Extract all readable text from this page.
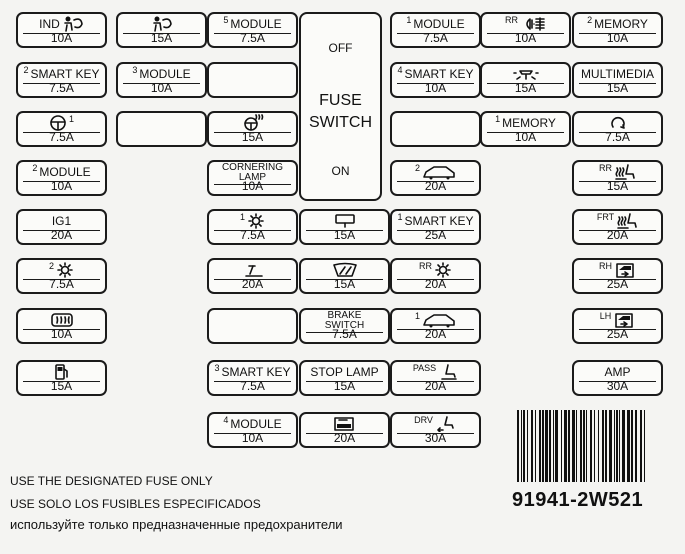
IND
10A
2 SMART KEY
7.5A
1
7.5A
2 MODULE
10A
IG1
20A
2
7.5A
10A
15A
15A
3 MODULE
10A
5 MODULE
7.5A
15A
CORNERING
LAMP
10A
1
7.5A
20A
3 SMART KEY
7.5A
4 MODULE
10A
15A
15A
BRAKE
SWITCH
7.5A
STOP LAMP
15A
20A
1 MODULE
7.5A
4 SMART KEY
10A
2
20A
1 SMART KEY
25A
RR
20A
1
20A
PASS
20A
DRV
30A
RR
10A
15A
1 MEMORY
10A
2 MEMORY
10A
MULTIMEDIA
15A
7.5A
RR
15A
FRT
20A
RH
25A
LH
25A
AMP
30A
OFF
FUSE
SWITCH
ON
USE THE DESIGNATED FUSE ONLY
USE SOLO LOS FUSIBLES ESPECIFICADOS
используйте только предназначенные предохранители
91941-2W521
